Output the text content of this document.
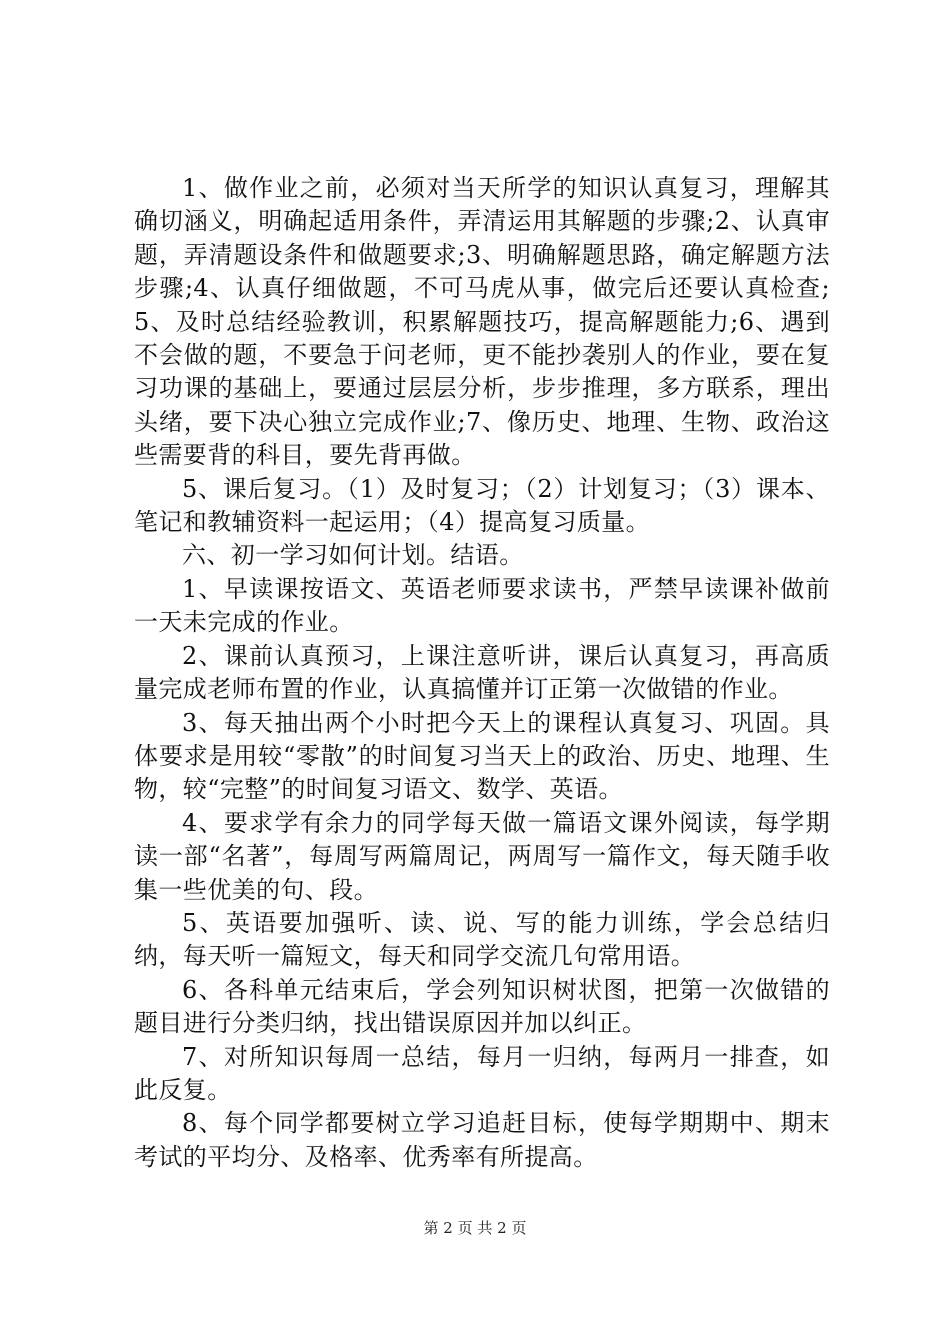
1、做作业之前，必须对当天所学的知识认真复习，理解其确切涵义，明确起适用条件，弄清运用其解题的步骤;2、认真审题，弄清题设条件和做题要求;3、明确解题思路，确定解题方法步骤;4、认真仔细做题，不可马虎从事，做完后还要认真检查;5、及时总结经验教训，积累解题技巧，提高解题能力;6、遇到不会做的题，不要急于问老师，更不能抄袭别人的作业，要在复习功课的基础上，要通过层层分析，步步推理，多方联系，理出头绪，要下决心独立完成作业;7、像历史、地理、生物、政治这些需要背的科目，要先背再做。

5、课后复习。（1）及时复习；（2）计划复习；（3）课本、笔记和教辅资料一起运用；（4）提高复习质量。

六、初一学习如何计划。结语。

1、早读课按语文、英语老师要求读书，严禁早读课补做前一天未完成的作业。

2、课前认真预习，上课注意听讲，课后认真复习，再高质量完成老师布置的作业，认真搞懂并订正第一次做错的作业。

3、每天抽出两个小时把今天上的课程认真复习、巩固。具体要求是用较“零散”的时间复习当天上的政治、历史、地理、生物，较“完整”的时间复习语文、数学、英语。

4、要求学有余力的同学每天做一篇语文课外阅读，每学期读一部“名著”，每周写两篇周记，两周写一篇作文，每天随手收集一些优美的句、段。

5、英语要加强听、读、说、写的能力训练，学会总结归纳，每天听一篇短文，每天和同学交流几句常用语。

6、各科单元结束后，学会列知识树状图，把第一次做错的题目进行分类归纳，找出错误原因并加以纠正。

7、对所知识每周一总结，每月一归纳，每两月一排查，如此反复。

8、每个同学都要树立学习追赶目标，使每学期期中、期末考试的平均分、及格率、优秀率有所提高。

第 2 页 共 2 页
